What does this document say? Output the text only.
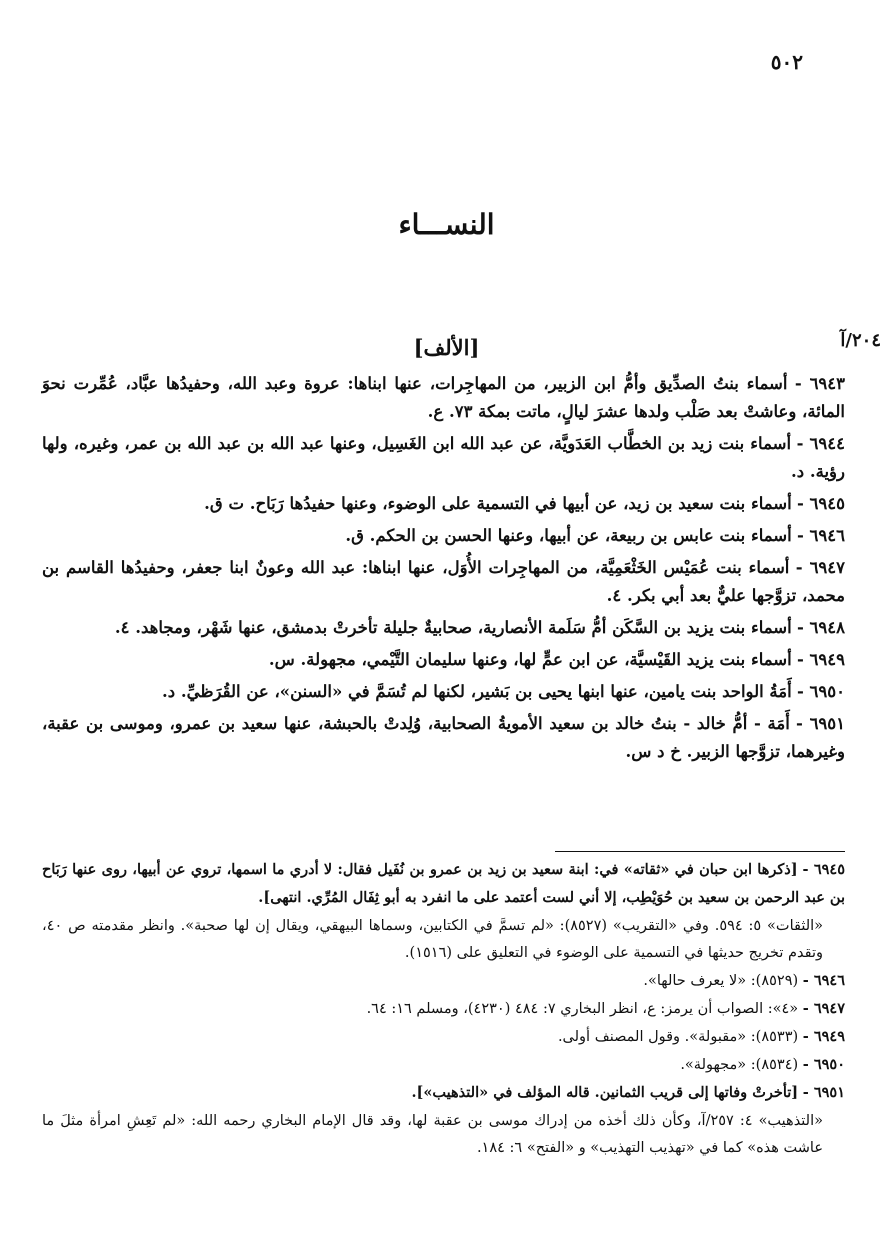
٥٠٢
النســـاء
٢٠٤/آ
[الألف]

٦٩٤٣ - أسماء بنتُ الصدِّيق وأمُّ ابن الزبير، من المهاجِرات، عنها ابناها: عروة وعبد الله، وحفيدُها عبَّاد، عُمِّرت نحوَ المائة، وعاشتْ بعد صَلْب ولدها عشرَ ليالٍ، ماتت بمكة ٧٣. ع.

٦٩٤٤ - أسماء بنت زيد بن الخطَّاب العَدَويَّة، عن عبد الله ابن الغَسِيل، وعنها عبد الله بن عبد الله بن عمر، وغيره، ولها رؤية. د.

٦٩٤٥ - أسماء بنت سعيد بن زيد، عن أبيها في التسمية على الوضوء، وعنها حفيدُها رَبَاح. ت ق.

٦٩٤٦ - أسماء بنت عابس بن ربيعة، عن أبيها، وعنها الحسن بن الحكم. ق.

٦٩٤٧ - أسماء بنت عُمَيْس الخَثْعَمِيَّة، من المهاجِرات الأُوَل، عنها ابناها: عبد الله وعونٌ ابنا جعفر، وحفيدُها القاسم بن محمد، تزوَّجها عليٌّ بعد أبي بكر. ٤.

٦٩٤٨ - أسماء بنت يزيد بن السَّكَن أمُّ سَلَمة الأنصارية، صحابيةٌ جليلة تأخرتْ بدمشق، عنها شَهْر، ومجاهد. ٤.

٦٩٤٩ - أسماء بنت يزيد القَيْسيَّة، عن ابن عمٍّ لها، وعنها سليمان التَّيْمي، مجهولة. س.

٦٩٥٠ - أَمَةُ الواحد بنت يامين، عنها ابنها يحيى بن بَشير، لكنها لم تُسَمَّ في «السنن»، عن القُرَظيِّ. د.

٦٩٥١ - أَمَة - أمُّ خالد - بنتُ خالد بن سعيد الأمويةُ الصحابية، وُلِدتْ بالحبشة، عنها سعيد بن عمرو، وموسى بن عقبة، وغيرهما، تزوَّجها الزبير. خ د س.

٦٩٤٥ - [ذكرها ابن حبان في «ثقاته» في: ابنة سعيد بن زيد بن عمرو بن نُفَيل فقال: لا أدري ما اسمها، تروي عن أبيها، روى عنها رَبَاح بن عبد الرحمن بن سعيد بن حُوَيْطِب، إلا أني لست أعتمد على ما انفرد به أبو ثِفَال المُرِّي. انتهى].

«الثقات» ٥: ٥٩٤. وفي «التقريب» (٨٥٢٧): «لم تسمَّ في الكتابين، وسماها البيهقي، ويقال إن لها صحبة». وانظر مقدمته ص ٤٠، وتقدم تخريج حديثها في التسمية على الوضوء في التعليق على (١٥١٦).

٦٩٤٦ - (٨٥٢٩): «لا يعرف حالها».

٦٩٤٧ - «٤»: الصواب أن يرمز: ع، انظر البخاري ٧: ٤٨٤ (٤٢٣٠)، ومسلم ١٦: ٦٤.

٦٩٤٩ - (٨٥٣٣): «مقبولة». وقول المصنف أولى.

٦٩٥٠ - (٨٥٣٤): «مجهولة».

٦٩٥١ - [تأخرتْ وفاتها إلى قريب الثمانين. قاله المؤلف في «التذهيب»].

«التذهيب» ٤: ٢٥٧/آ، وكأن ذلك أخذه من إدراك موسى بن عقبة لها، وقد قال الإمام البخاري رحمه الله: «لم تَعِشِ امرأة مثلَ ما عاشت هذه» كما في «تهذيب التهذيب» و «الفتح» ٦: ١٨٤.
